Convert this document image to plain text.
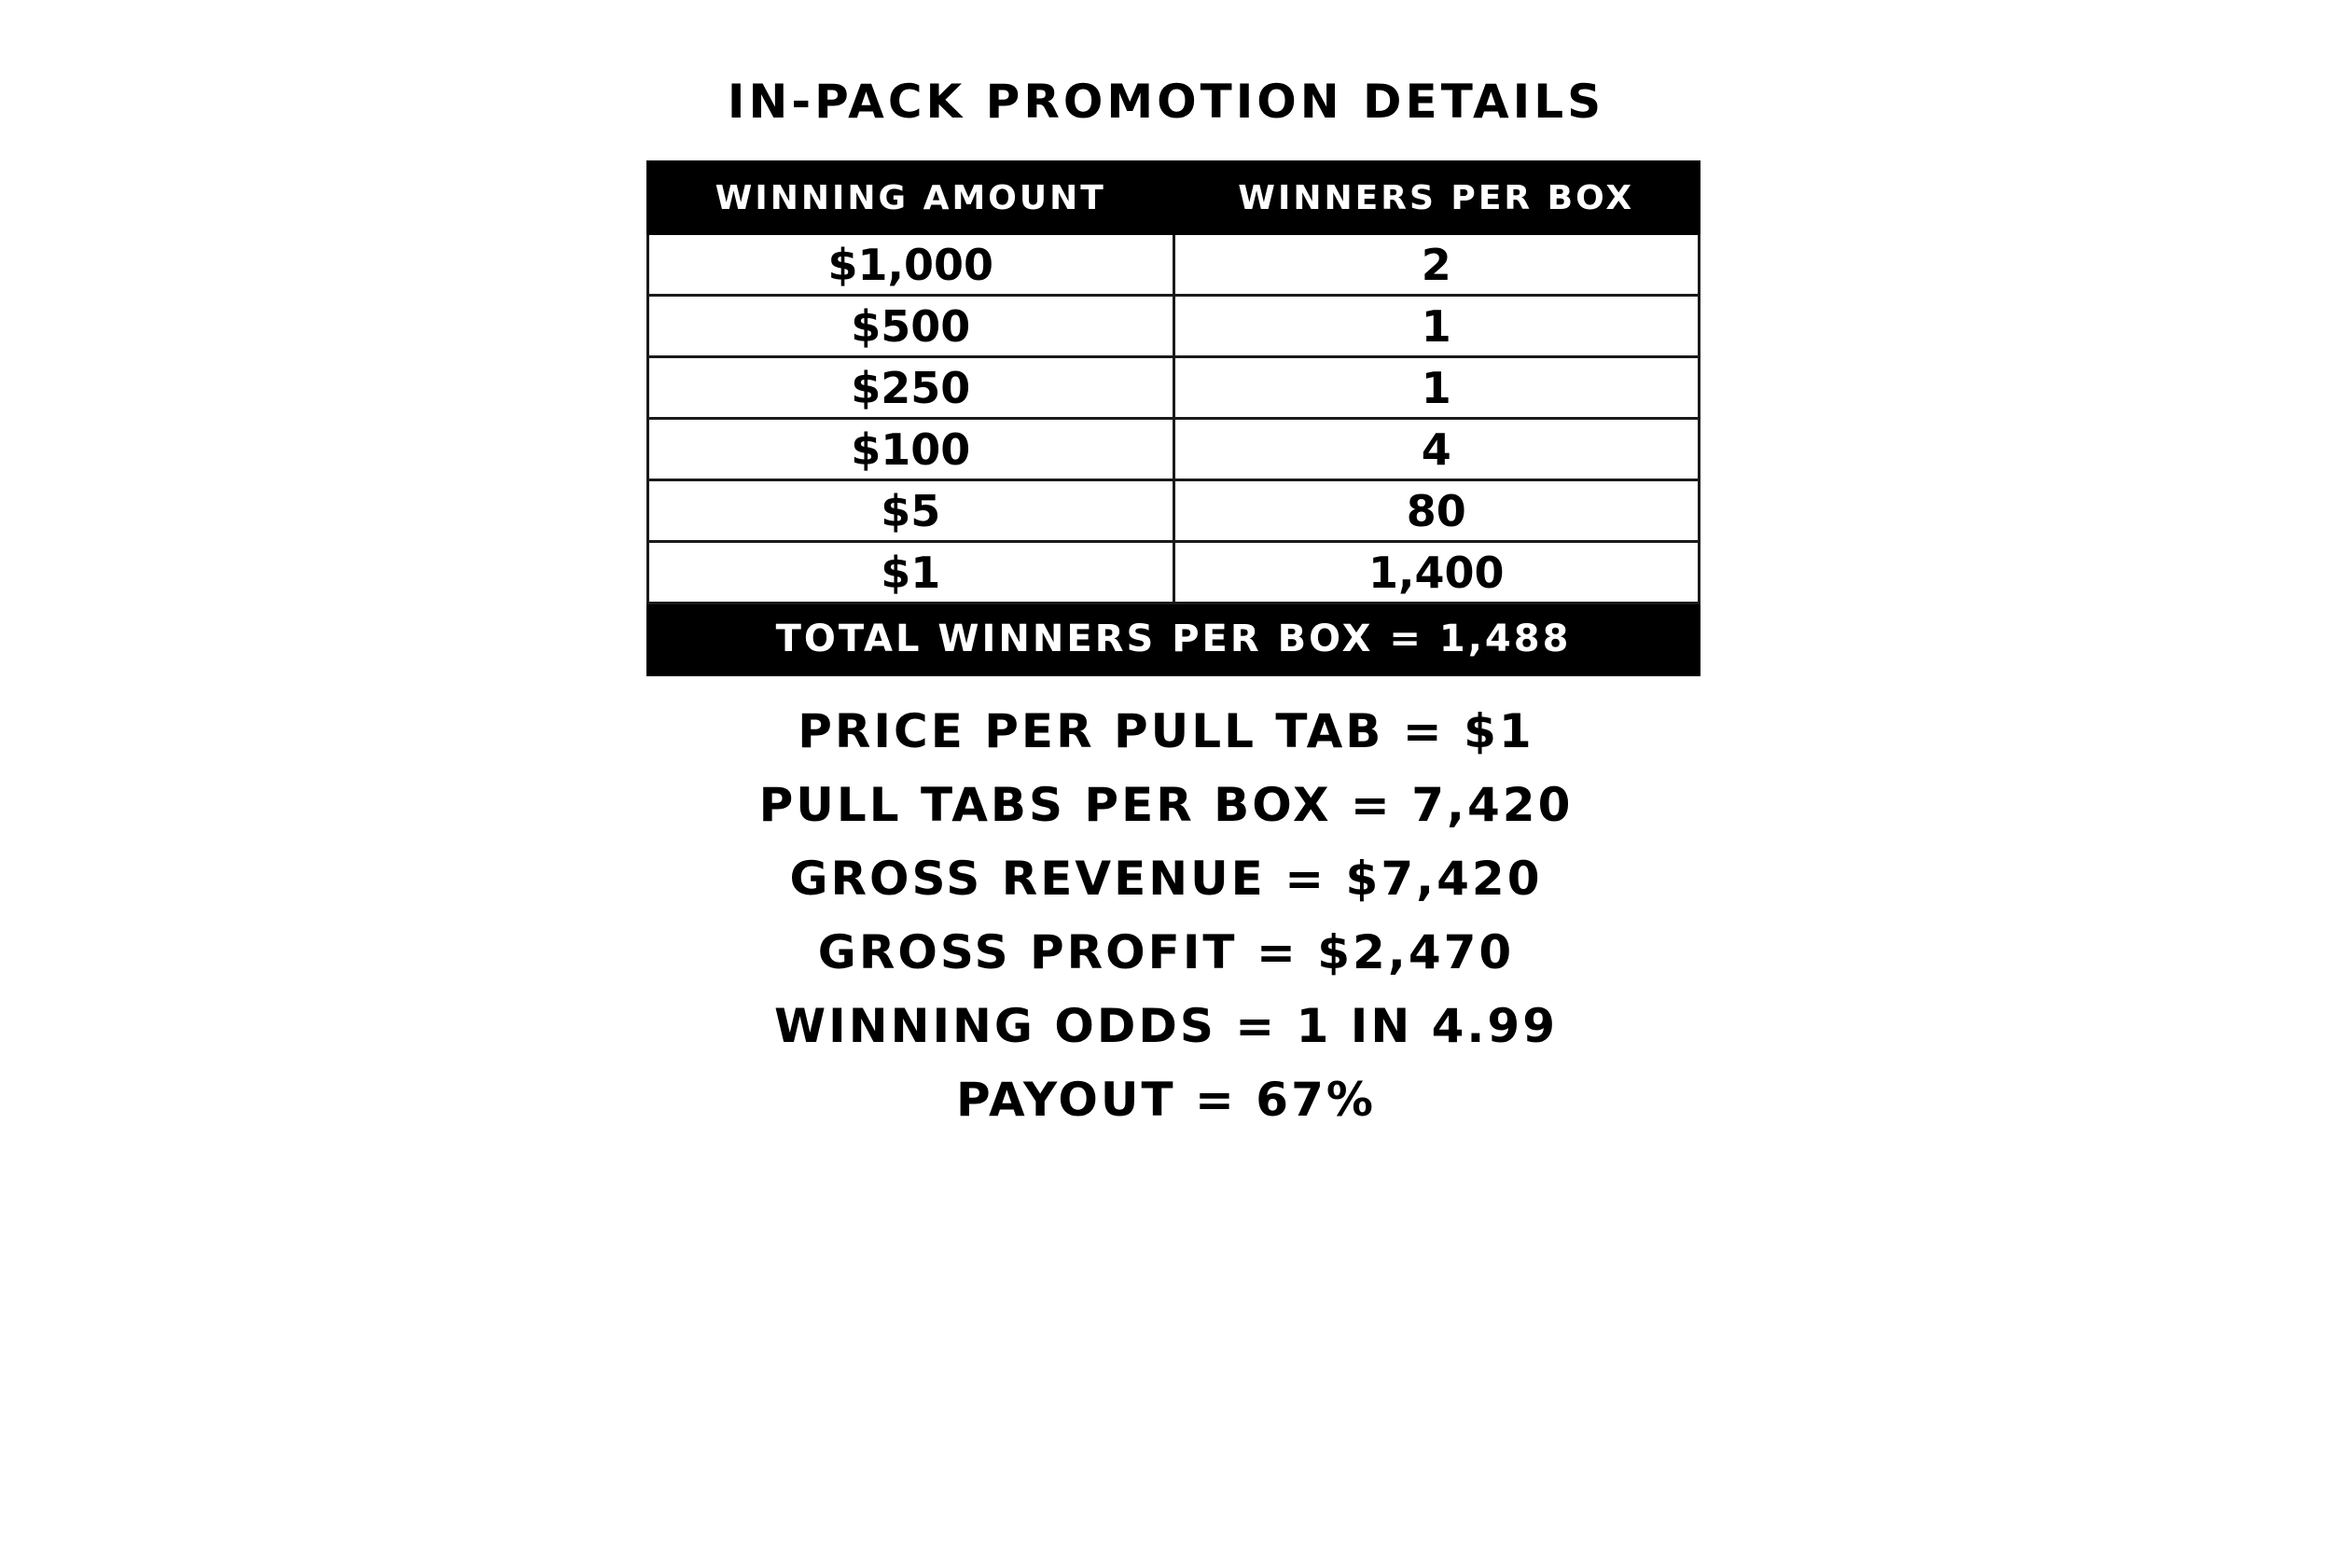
IN-PACK PROMOTION DETAILS
WINNING AMOUNT	WINNERS PER BOX
$1,000	2
$500	1
$250	1
$100	4
$5	80
$1	1,400
TOTAL WINNERS PER BOX = 1,488	
PRICE PER PULL TAB = $1
PULL TABS PER BOX = 7,420
GROSS REVENUE = $7,420
GROSS PROFIT = $2,470
WINNING ODDS = 1 IN 4.99
PAYOUT = 67%
